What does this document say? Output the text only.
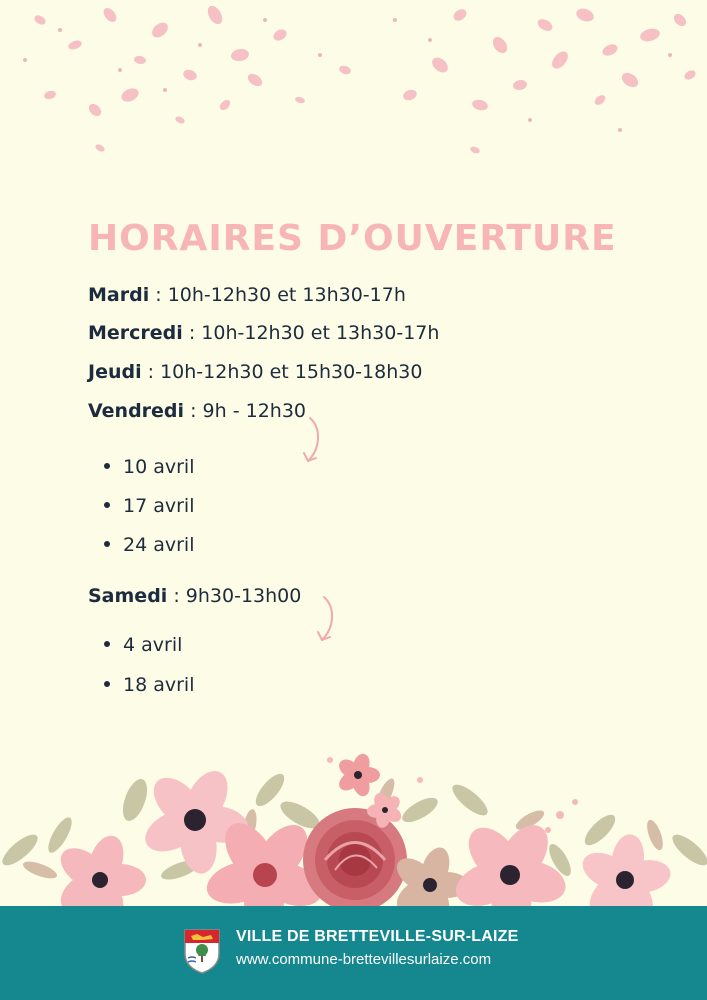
HORAIRES D’OUVERTURE
Mardi : 10h-12h30 et 13h30-17h
Mercredi : 10h-12h30 et 13h30-17h
Jeudi : 10h-12h30 et 15h30-18h30
Vendredi : 9h - 12h30
10 avril
17 avril
24 avril
Samedi : 9h30-13h00
4 avril
18 avril
VILLE DE BRETTEVILLE-SUR-LAIZE
www.commune-brettevillesurlaize.com
